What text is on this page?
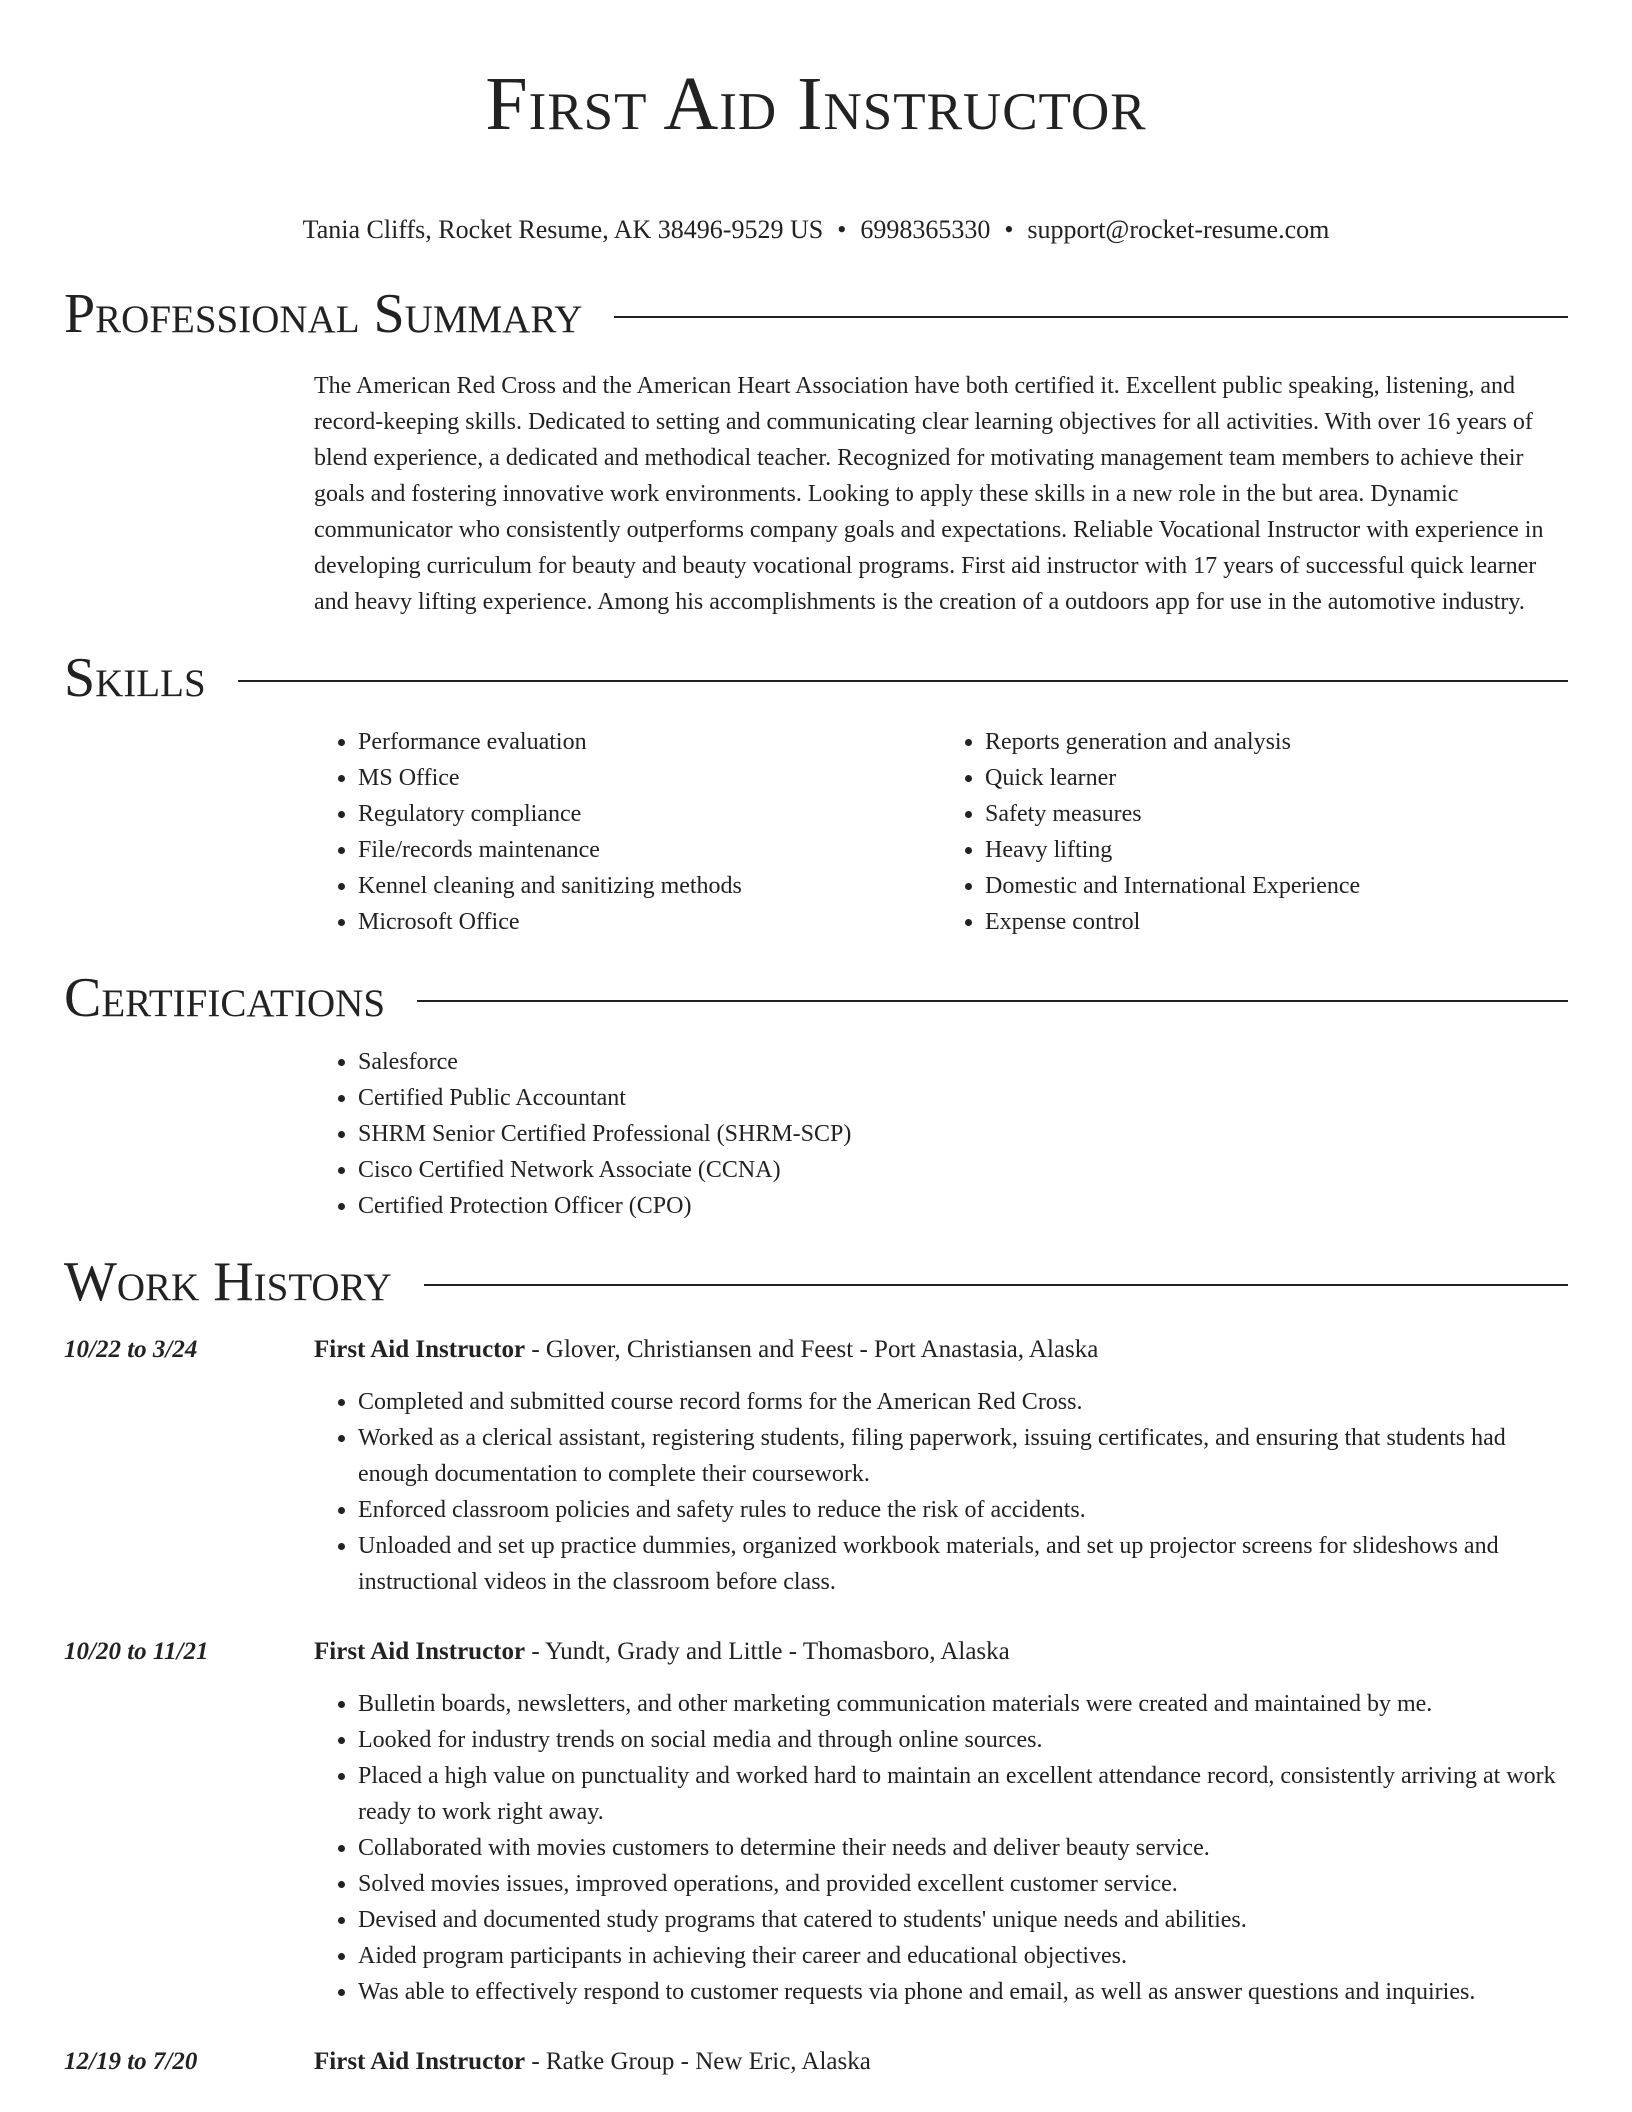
First Aid Instructor
Tania Cliffs, Rocket Resume, AK 38496-9529 US • 6998365330 • support@rocket-resume.com
Professional Summary

The American Red Cross and the American Heart Association have both certified it. Excellent public speaking, listening, and record-keeping skills. Dedicated to setting and communicating clear learning objectives for all activities. With over 16 years of blend experience, a dedicated and methodical teacher. Recognized for motivating management team members to achieve their goals and fostering innovative work environments. Looking to apply these skills in a new role in the but area. Dynamic communicator who consistently outperforms company goals and expectations. Reliable Vocational Instructor with experience in developing curriculum for beauty and beauty vocational programs. First aid instructor with 17 years of successful quick learner and heavy lifting experience. Among his accomplishments is the creation of a outdoors app for use in the automotive industry.

Skills
• Performance evaluation
• MS Office
• Regulatory compliance
• File/records maintenance
• Kennel cleaning and sanitizing methods
• Microsoft Office
• Reports generation and analysis
• Quick learner
• Safety measures
• Heavy lifting
• Domestic and International Experience
• Expense control
Certifications
• Salesforce
• Certified Public Accountant
• SHRM Senior Certified Professional (SHRM-SCP)
• Cisco Certified Network Associate (CCNA)
• Certified Protection Officer (CPO)
Work History
10/22 to 3/24	First Aid Instructor - Glover, Christiansen and Feest - Port Anastasia, Alaska
• Completed and submitted course record forms for the American Red Cross.
• Worked as a clerical assistant, registering students, filing paperwork, issuing certificates, and ensuring that students had enough documentation to complete their coursework.
• Enforced classroom policies and safety rules to reduce the risk of accidents.
• Unloaded and set up practice dummies, organized workbook materials, and set up projector screens for slideshows and instructional videos in the classroom before class.
10/20 to 11/21	First Aid Instructor - Yundt, Grady and Little - Thomasboro, Alaska
• Bulletin boards, newsletters, and other marketing communication materials were created and maintained by me.
• Looked for industry trends on social media and through online sources.
• Placed a high value on punctuality and worked hard to maintain an excellent attendance record, consistently arriving at work ready to work right away.
• Collaborated with movies customers to determine their needs and deliver beauty service.
• Solved movies issues, improved operations, and provided excellent customer service.
• Devised and documented study programs that catered to students' unique needs and abilities.
• Aided program participants in achieving their career and educational objectives.
• Was able to effectively respond to customer requests via phone and email, as well as answer questions and inquiries.
12/19 to 7/20	First Aid Instructor - Ratke Group - New Eric, Alaska
